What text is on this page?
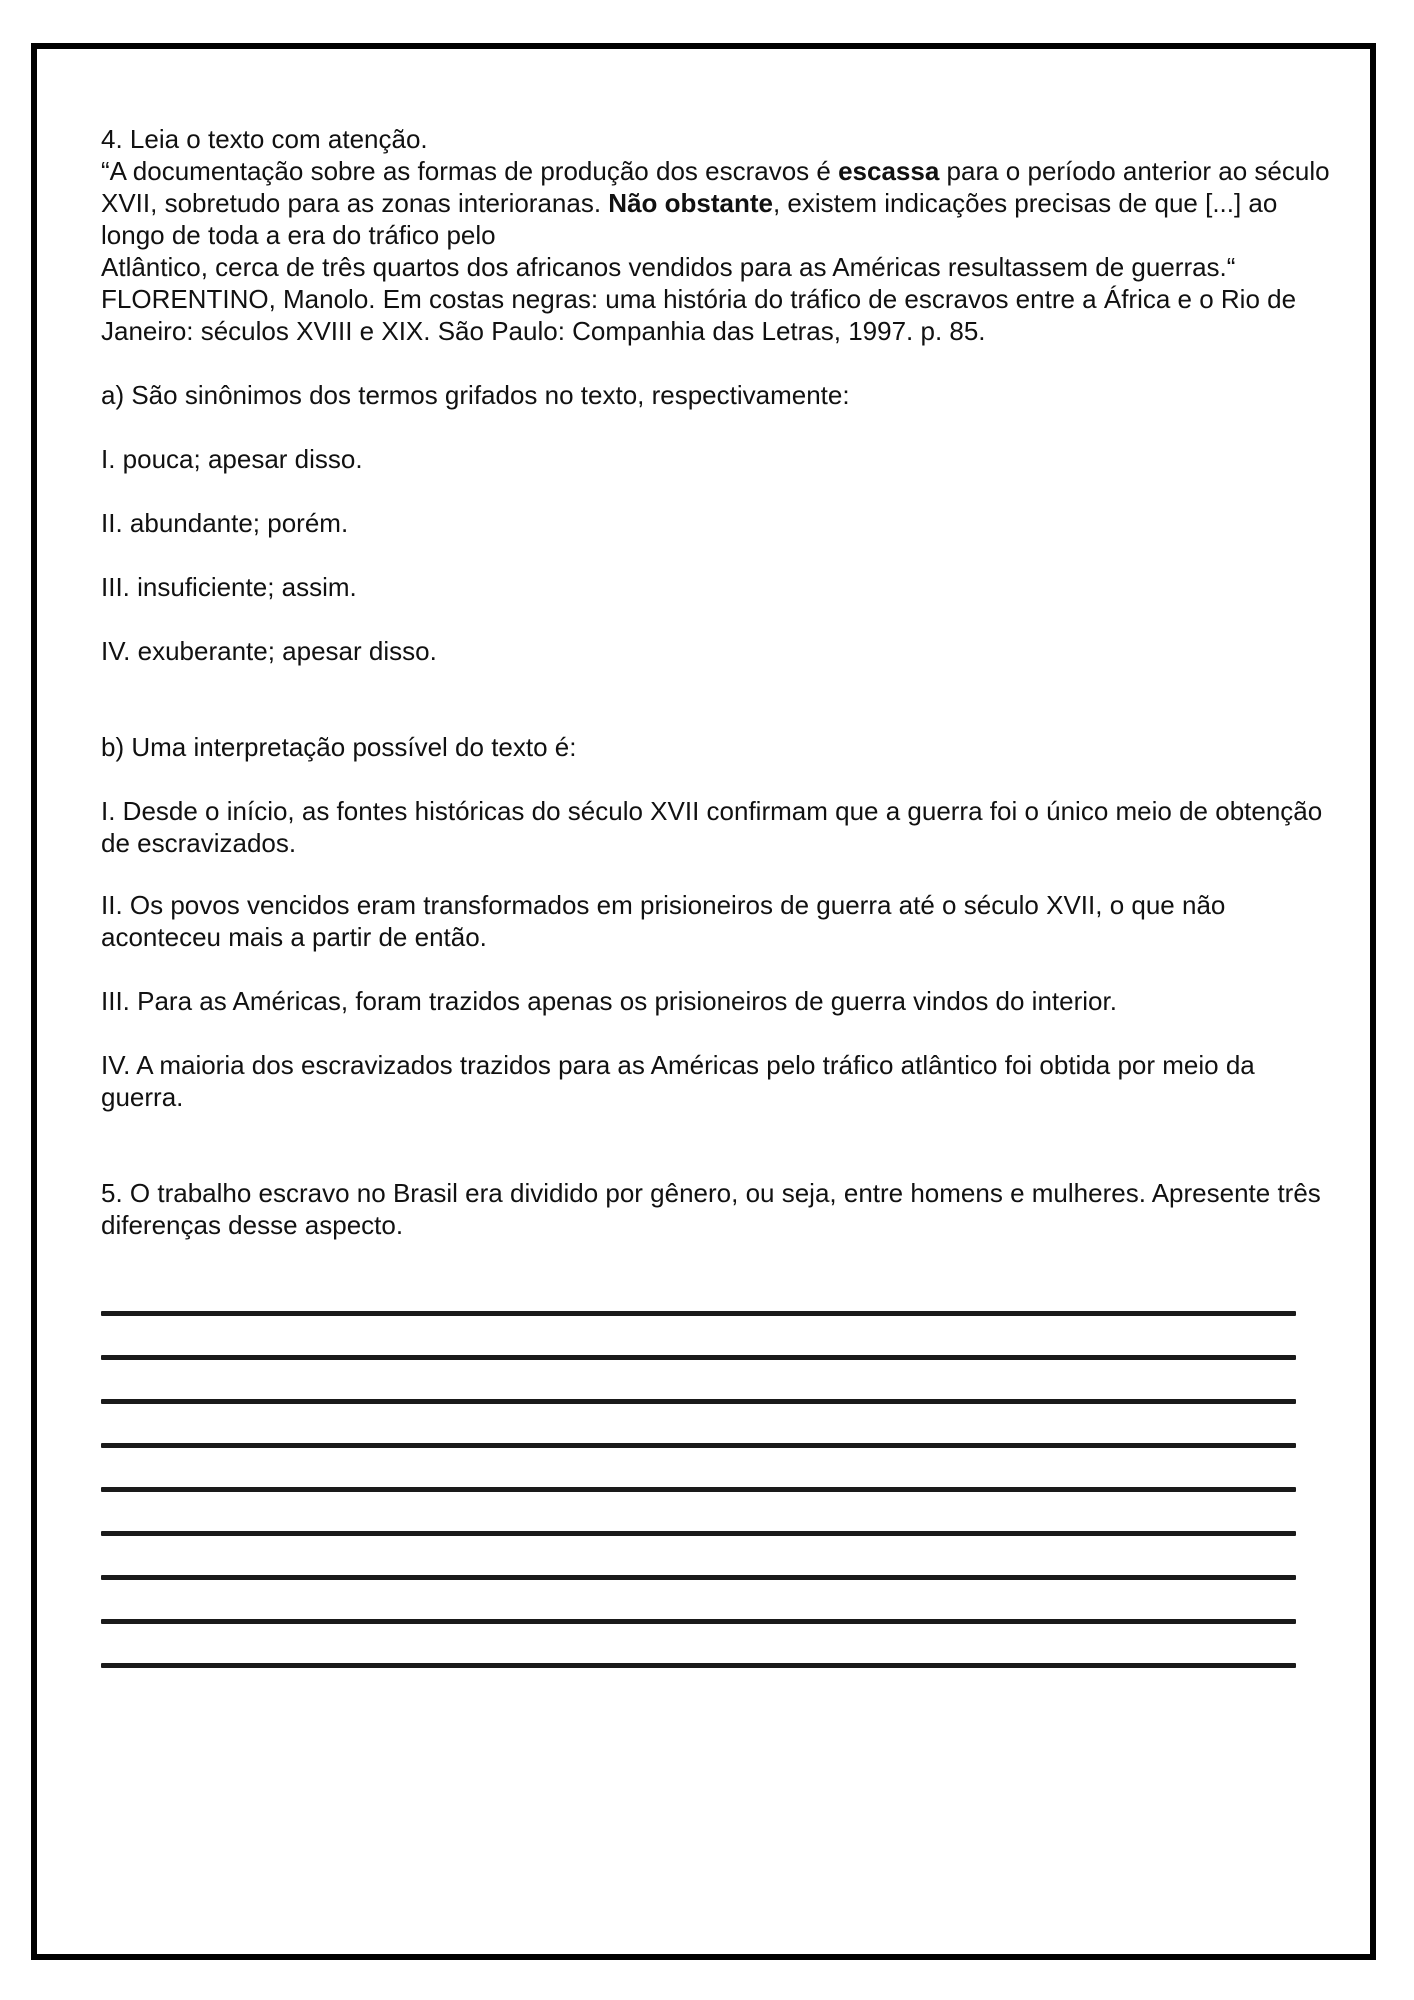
4. Leia o texto com atenção.

“A documentação sobre as formas de produção dos escravos é escassa para o período anterior ao século XVII, sobretudo para as zonas interioranas. Não obstante, existem indicações precisas de que [...] ao longo de toda a era do tráfico pelo

Atlântico, cerca de três quartos dos africanos vendidos para as Américas resultassem de guerras.“

FLORENTINO, Manolo. Em costas negras: uma história do tráfico de escravos entre a África e o Rio de Janeiro: séculos XVIII e XIX. São Paulo: Companhia das Letras, 1997. p. 85.

a) São sinônimos dos termos grifados no texto, respectivamente:

I. pouca; apesar disso.

II. abundante; porém.

III. insuficiente; assim.

IV. exuberante; apesar disso.

b) Uma interpretação possível do texto é:

I. Desde o início, as fontes históricas do século XVII confirmam que a guerra foi o único meio de obtenção de escravizados.

II. Os povos vencidos eram transformados em prisioneiros de guerra até o século XVII, o que não aconteceu mais a partir de então.

III. Para as Américas, foram trazidos apenas os prisioneiros de guerra vindos do interior.

IV. A maioria dos escravizados trazidos para as Américas pelo tráfico atlântico foi obtida por meio da guerra.

5. O trabalho escravo no Brasil era dividido por gênero, ou seja, entre homens e mulheres. Apresente três diferenças desse aspecto.
